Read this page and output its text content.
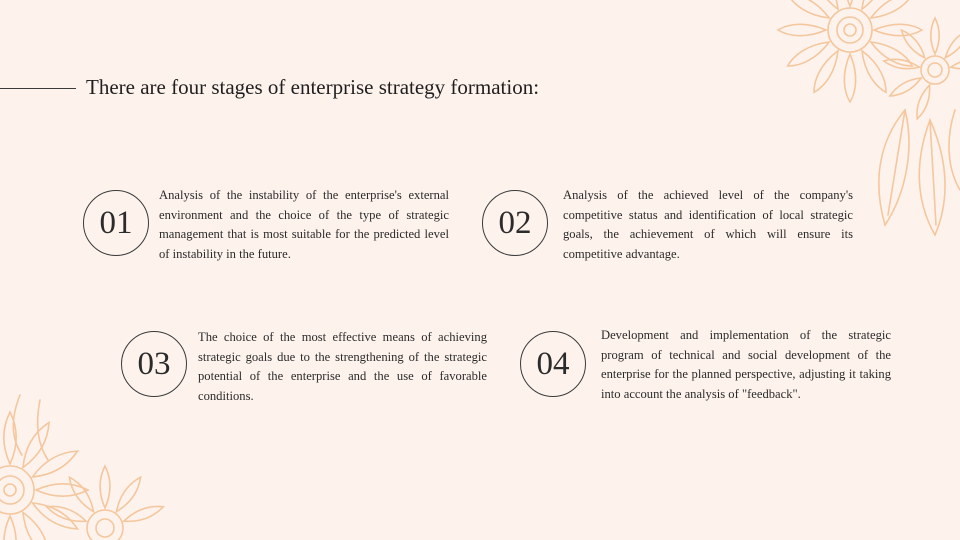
There are four stages of enterprise strategy formation:
01

Analysis of the instability of the enterprise's external environment and the choice of the type of strategic management that is most suitable for the predicted level of instability in the future.

02

Analysis of the achieved level of the company's competitive status and identification of local strategic goals, the achievement of which will ensure its competitive advantage.

03

The choice of the most effective means of achieving strategic goals due to the strengthening of the strategic potential of the enterprise and the use of favorable conditions.

04

Development and implementation of the strategic program of technical and social development of the enterprise for the planned perspective, adjusting it taking into account the analysis of "feedback".
